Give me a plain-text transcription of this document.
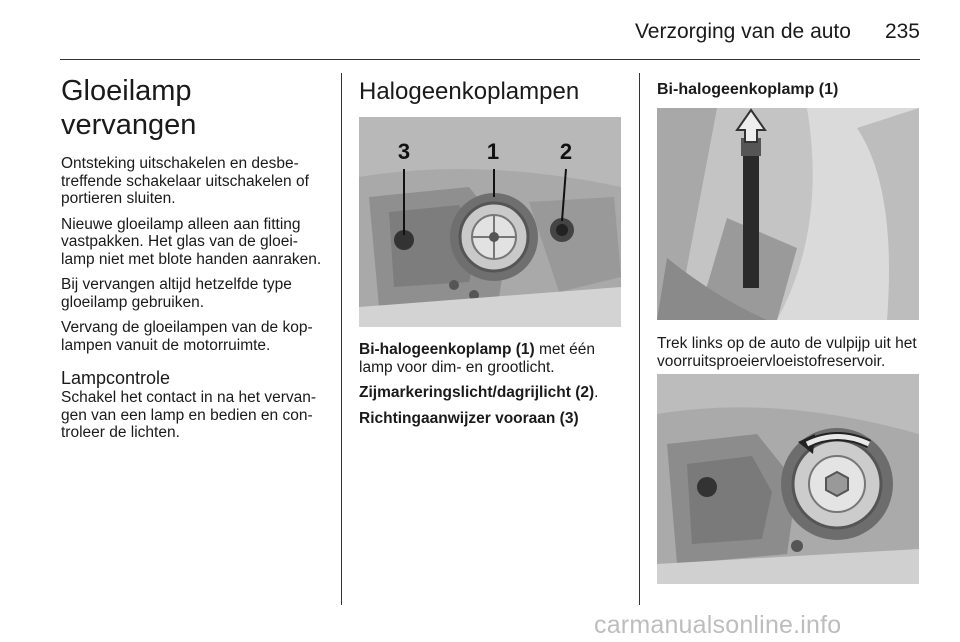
Verzorging van de auto 235
Gloeilamp vervangen

Ontsteking uitschakelen en desbe- treffende schakelaar uitschakelen of portieren sluiten.

Nieuwe gloeilamp alleen aan fitting vastpakken. Het glas van de gloei- lamp niet met blote handen aanraken.

Bij vervangen altijd hetzelfde type gloeilamp gebruiken.

Vervang de gloeilampen van de kop- lampen vanuit de motorruimte.

Lampcontrole

Schakel het contact in na het vervan- gen van een lamp en bedien en con- troleer de lichten.

Halogeenkoplampen
3	1	2

Bi-halogeenkoplamp (1) met één lamp voor dim- en grootlicht.

Zijmarkeringslicht/dagrijlicht (2).

Richtingaanwijzer vooraan (3)

Bi-halogeenkoplamp (1)

Trek links op de auto de vulpijp uit het voorruitsproeiervloeistofreservoir.

carmanualsonline.info
